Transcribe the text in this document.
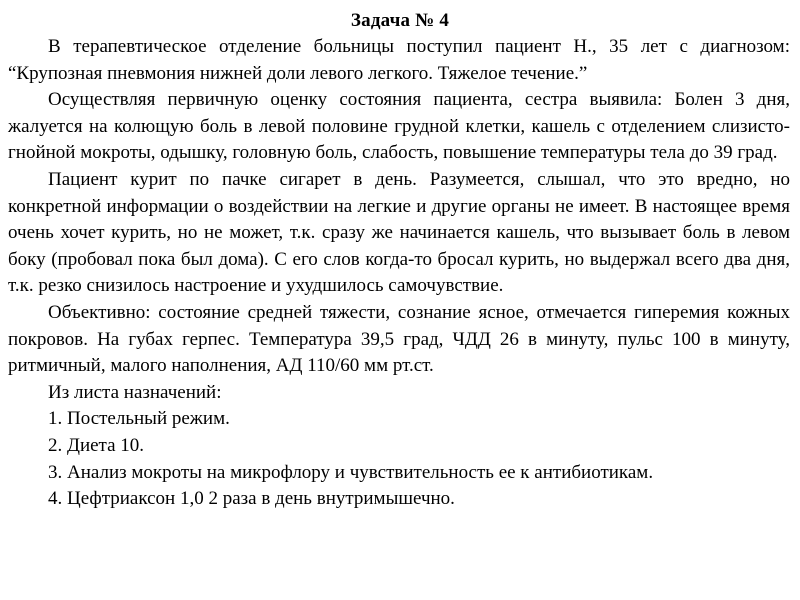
Задача № 4

В терапевтическое отделение больницы поступил пациент Н., 35 лет с диагнозом: “Крупозная пневмония нижней доли левого легкого. Тяжелое течение.”

Осуществляя первичную оценку состояния пациента, сестра выявила: Болен 3 дня, жалуется на колющую боль в левой половине грудной клетки, кашель с отделением слизисто-гнойной мокроты, одышку, головную боль, слабость, повышение температуры тела до 39 град.

Пациент курит по пачке сигарет в день. Разумеется, слышал, что это вредно, но конкретной информации о воздействии на легкие и другие органы не имеет. В настоящее время очень хочет курить, но не может, т.к. сразу же начинается кашель, что вызывает боль в левом боку (пробовал пока был дома). С его слов когда-то бросал курить, но выдержал всего два дня, т.к. резко снизилось настроение и ухудшилось самочувствие.

Объективно: состояние средней тяжести, сознание ясное, отмечается гиперемия кожных покровов. На губах герпес. Температура 39,5 град, ЧДД 26 в минуту, пульс 100 в минуту, ритмичный, малого наполнения, АД 110/60 мм рт.ст.

Из листа назначений:

1. Постельный режим.

2. Диета 10.

3. Анализ мокроты на микрофлору и чувствительность ее к антибиотикам.

4. Цефтриаксон 1,0 2 раза в день внутримышечно.
